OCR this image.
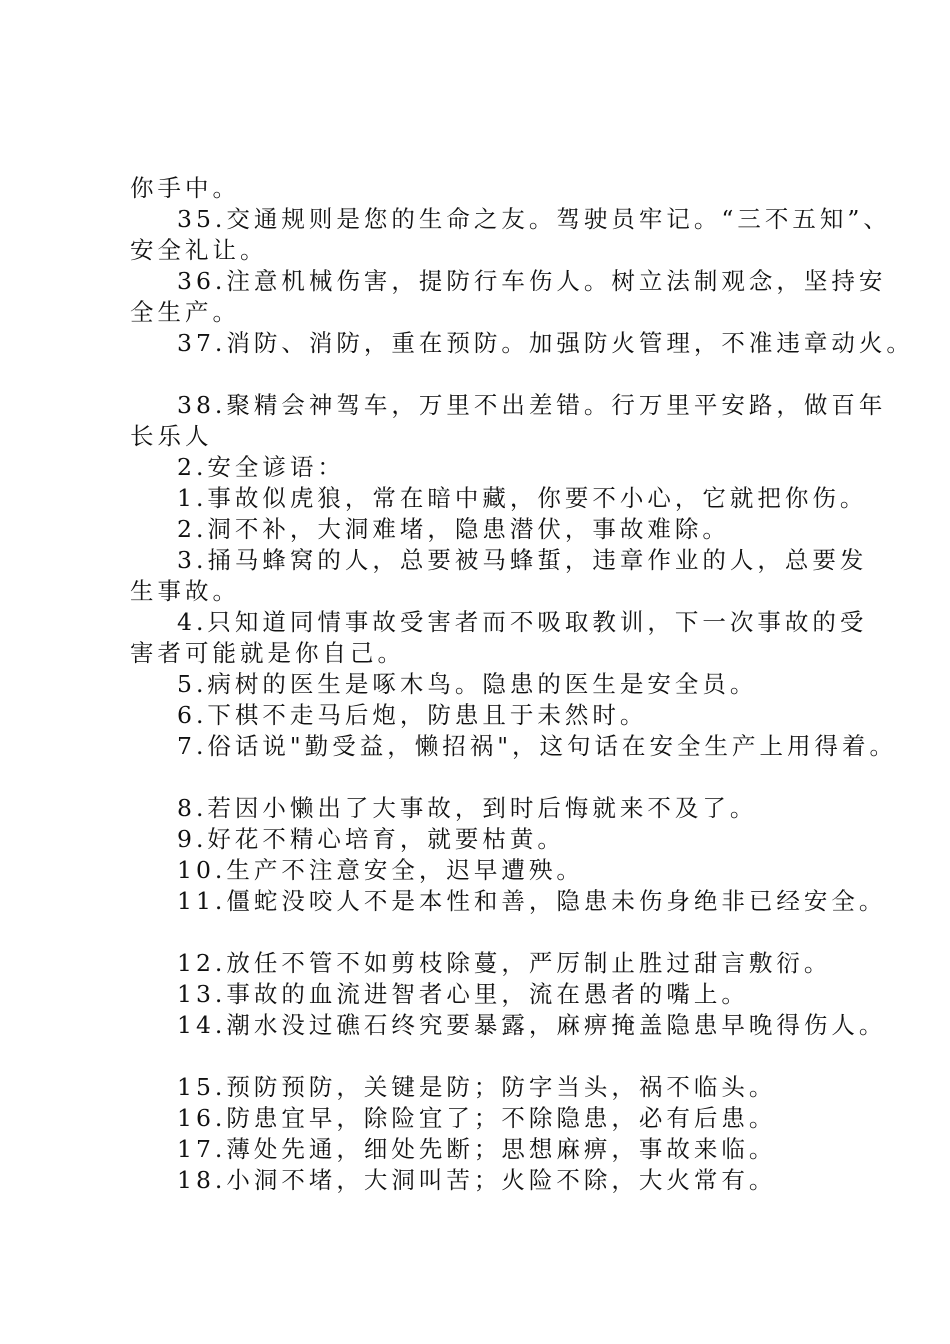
你手中。

35.交通规则是您的生命之友。驾驶员牢记。“三不五知”、

安全礼让。

36.注意机械伤害，提防行车伤人。树立法制观念，坚持安

全生产。

37.消防、消防，重在预防。加强防火管理，不准违章动火。

38.聚精会神驾车，万里不出差错。行万里平安路，做百年

长乐人

2.安全谚语：

1.事故似虎狼，常在暗中藏，你要不小心，它就把你伤。

2.洞不补，大洞难堵，隐患潜伏，事故难除。

3.捅马蜂窝的人，总要被马蜂蜇，违章作业的人，总要发

生事故。

4.只知道同情事故受害者而不吸取教训，下一次事故的受

害者可能就是你自己。

5.病树的医生是啄木鸟。隐患的医生是安全员。

6.下棋不走马后炮，防患且于未然时。

7.俗话说"勤受益，懒招祸"，这句话在安全生产上用得着。

8.若因小懒出了大事故，到时后悔就来不及了。

9.好花不精心培育，就要枯黄。

10.生产不注意安全，迟早遭殃。

11.僵蛇没咬人不是本性和善，隐患未伤身绝非已经安全。

12.放任不管不如剪枝除蔓，严厉制止胜过甜言敷衍。

13.事故的血流进智者心里，流在愚者的嘴上。

14.潮水没过礁石终究要暴露，麻痹掩盖隐患早晚得伤人。

15.预防预防，关键是防；防字当头，祸不临头。

16.防患宜早，除险宜了；不除隐患，必有后患。

17.薄处先通，细处先断；思想麻痹，事故来临。

18.小洞不堵，大洞叫苦；火险不除，大火常有。
